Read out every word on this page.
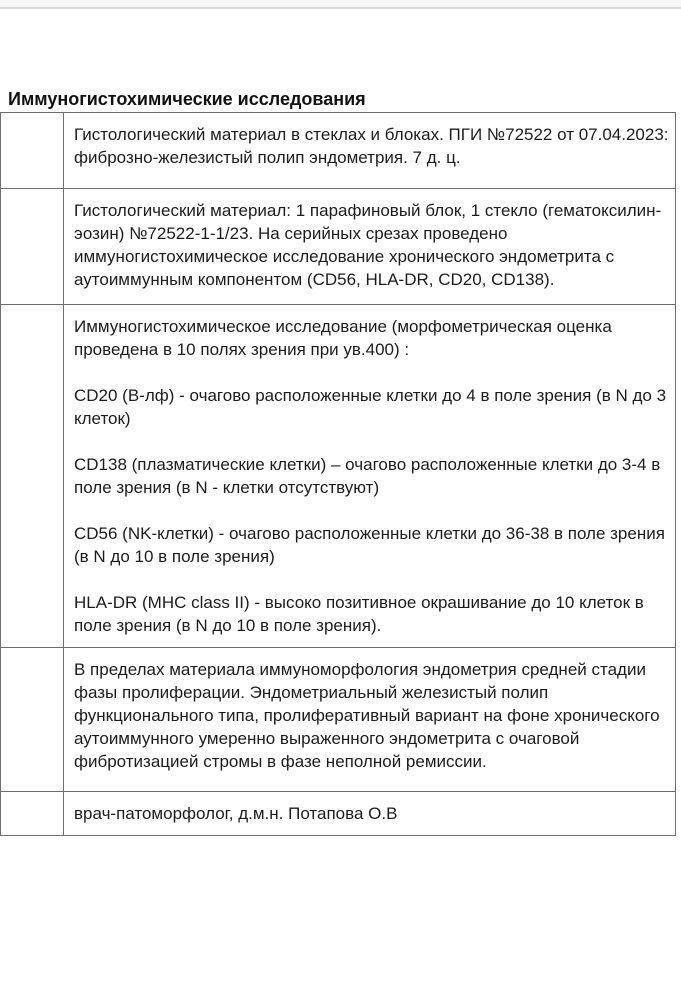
Иммуногистохимические исследования

Гистологический материал в стеклах и блоках. ПГИ №72522 от 07.04.2023: фиброзно-железистый полип эндометрия. 7 д. ц.

Гистологический материал: 1 парафиновый блок, 1 стекло (гематоксилин-эозин) №72522-1-1/23. На серийных срезах проведено иммуногистохимическое исследование хронического эндометрита с аутоиммунным компонентом (CD56, HLA-DR, CD20, CD138).

Иммуногистохимическое исследование (морфометрическая оценка проведена в 10 полях зрения при ув.400) :

CD20 (В-лф) - очагово расположенные клетки до 4 в поле зрения (в N до 3 клеток)

CD138 (плазматические клетки) – очагово расположенные клетки до 3-4 в поле зрения (в N - клетки отсутствуют)

CD56 (NK-клетки) - очагово расположенные клетки до 36-38 в поле зрения (в N до 10 в поле зрения)

HLA-DR (MHC class II) - высоко позитивное окрашивание до 10 клеток в поле зрения (в N до 10 в поле зрения).

В пределах материала иммуноморфология эндометрия средней стадии фазы пролиферации. Эндометриальный железистый полип функционального типа, пролиферативный вариант на фоне хронического аутоиммунного умеренно выраженного эндометрита с очаговой фибротизацией стромы в фазе неполной ремиссии.

врач-патоморфолог, д.м.н. Потапова О.В
